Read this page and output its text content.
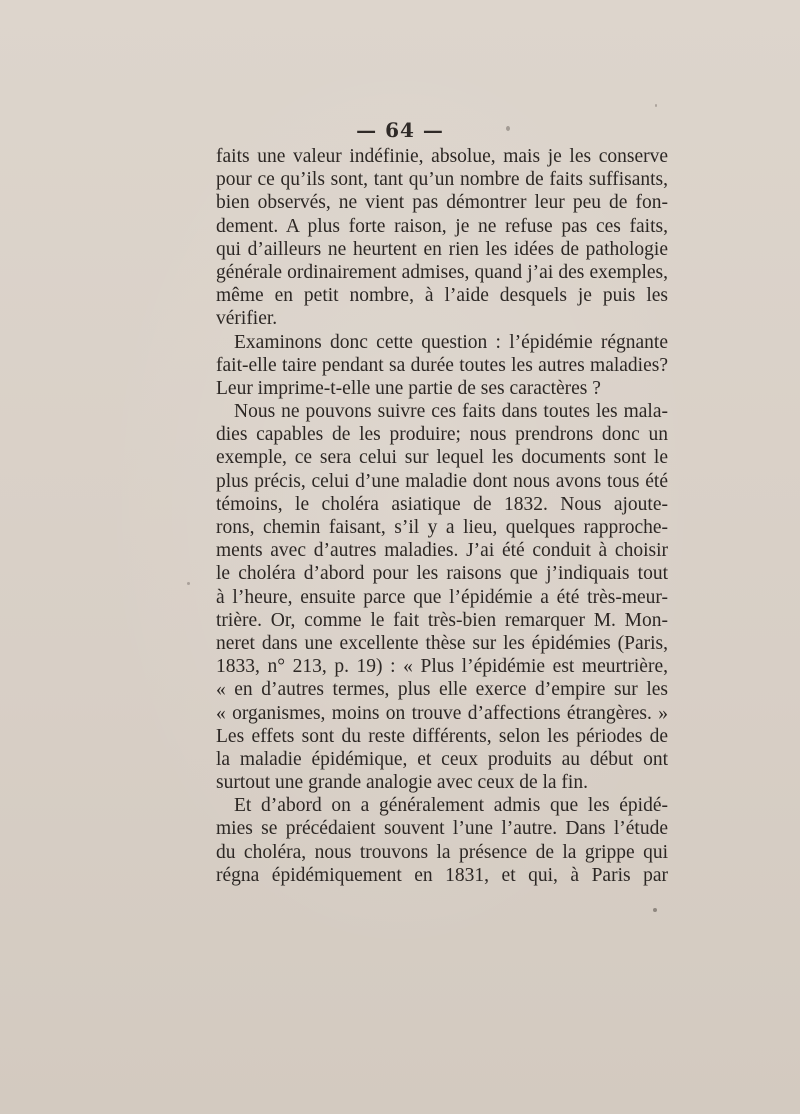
— 64 —
faits une valeur indéfinie, absolue, mais je les conserve
pour ce qu’ils sont, tant qu’un nombre de faits suffisants,
bien observés, ne vient pas démontrer leur peu de fon-
dement. A plus forte raison, je ne refuse pas ces faits,
qui d’ailleurs ne heurtent en rien les idées de pathologie
générale ordinairement admises, quand j’ai des exemples,
même en petit nombre, à l’aide desquels je puis les
vérifier.
Examinons donc cette question : l’épidémie régnante
fait-elle taire pendant sa durée toutes les autres maladies?
Leur imprime-t-elle une partie de ses caractères ?
Nous ne pouvons suivre ces faits dans toutes les mala-
dies capables de les produire; nous prendrons donc un
exemple, ce sera celui sur lequel les documents sont le
plus précis, celui d’une maladie dont nous avons tous été
témoins, le choléra asiatique de 1832. Nous ajoute-
rons, chemin faisant, s’il y a lieu, quelques rapproche-
ments avec d’autres maladies. J’ai été conduit à choisir
le choléra d’abord pour les raisons que j’indiquais tout
à l’heure, ensuite parce que l’épidémie a été très-meur-
trière. Or, comme le fait très-bien remarquer M. Mon-
neret dans une excellente thèse sur les épidémies (Paris,
1833, n° 213, p. 19) : « Plus l’épidémie est meurtrière,
« en d’autres termes, plus elle exerce d’empire sur les
« organismes, moins on trouve d’affections étrangères. »
Les effets sont du reste différents, selon les périodes de
la maladie épidémique, et ceux produits au début ont
surtout une grande analogie avec ceux de la fin.
Et d’abord on a généralement admis que les épidé-
mies se précédaient souvent l’une l’autre. Dans l’étude
du choléra, nous trouvons la présence de la grippe qui
régna épidémiquement en 1831, et qui, à Paris par
